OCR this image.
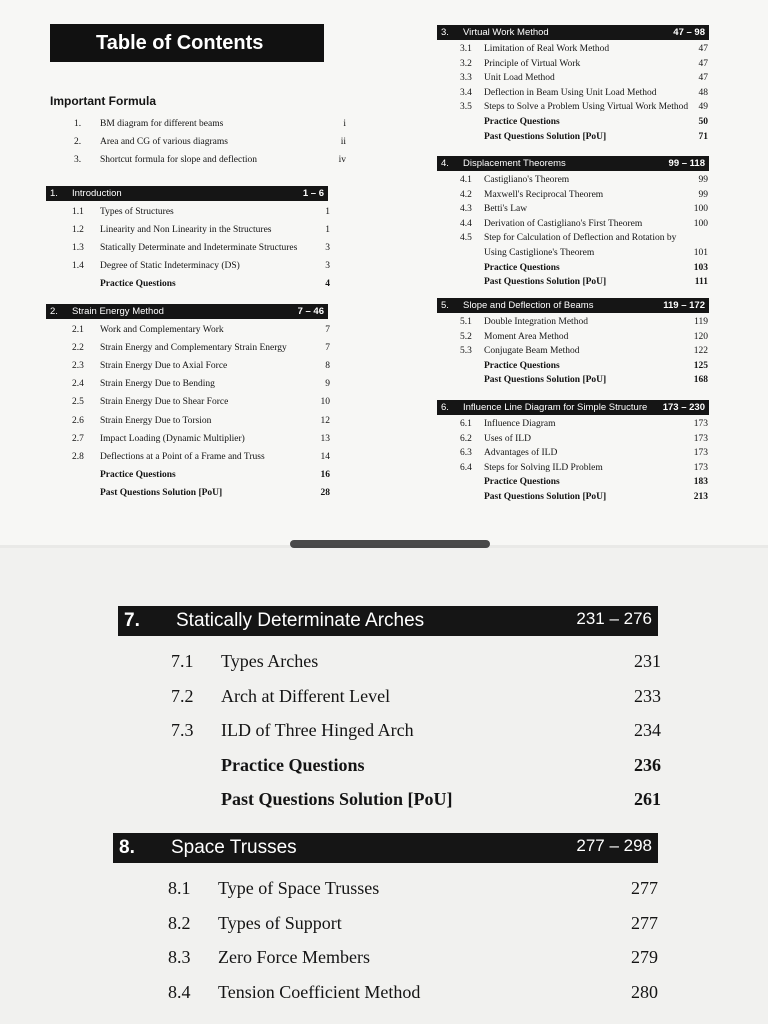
Table of Contents
Important Formula
1. BM diagram for different beams	i
2. Area and CG of various diagrams	ii
3. Shortcut formula for slope and deflection	iv
1. Introduction	1 – 6
1.1 Types of Structures	1
1.2 Linearity and Non Linearity in the Structures	1
1.3 Statically Determinate and Indeterminate Structures	3
1.4 Degree of Static Indeterminacy (DS)	3
Practice Questions	4
2. Strain Energy Method	7 – 46
2.1 Work and Complementary Work	7
2.2 Strain Energy and Complementary Strain Energy	7
2.3 Strain Energy Due to Axial Force	8
2.4 Strain Energy Due to Bending	9
2.5 Strain Energy Due to Shear Force	10
2.6 Strain Energy Due to Torsion	12
2.7 Impact Loading (Dynamic Multiplier)	13
2.8 Deflections at a Point of a Frame and Truss	14
Practice Questions	16
Past Questions Solution [PoU]	28
3. Virtual Work Method	47 – 98
3.1 Limitation of Real Work Method	47
3.2 Principle of Virtual Work	47
3.3 Unit Load Method	47
3.4 Deflection in Beam Using Unit Load Method	48
3.5 Steps to Solve a Problem Using Virtual Work Method	49
Practice Questions	50
Past Questions Solution [PoU]	71
4. Displacement Theorems	99 – 118
4.1 Castigliano's Theorem	99
4.2 Maxwell's Reciprocal Theorem	99
4.3 Betti's Law	100
4.4 Derivation of Castigliano's First Theorem	100
4.5 Step for Calculation of Deflection and Rotation by
Using Castiglione's Theorem	101
Practice Questions	103
Past Questions Solution [PoU]	111
5. Slope and Deflection of Beams	119 – 172
5.1 Double Integration Method	119
5.2 Moment Area Method	120
5.3 Conjugate Beam Method	122
Practice Questions	125
Past Questions Solution [PoU]	168
6. Influence Line Diagram for Simple Structure 173 – 230
6.1 Influence Diagram	173
6.2 Uses of ILD	173
6.3 Advantages of ILD	173
6.4 Steps for Solving ILD Problem	173
Practice Questions	183
Past Questions Solution [PoU]	213
7. Statically Determinate Arches	231 – 276
7.1 Types Arches	231
7.2 Arch at Different Level	233
7.3 ILD of Three Hinged Arch	234
Practice Questions	236
Past Questions Solution [PoU]	261
8. Space Trusses	277 – 298
8.1 Type of Space Trusses	277
8.2 Types of Support	277
8.3 Zero Force Members	279
8.4 Tension Coefficient Method	280
